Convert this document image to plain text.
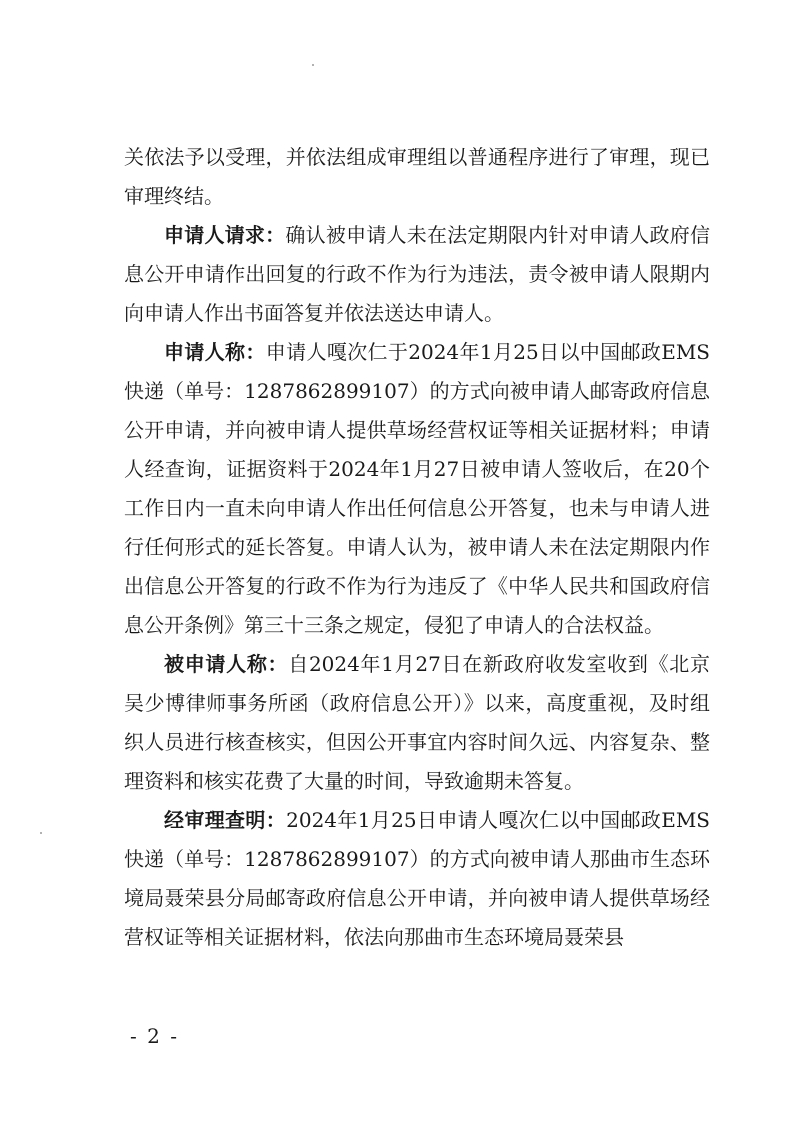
关依法予以受理，并依法组成审理组以普通程序进行了审理，现已审理终结。

申请人请求：确认被申请人未在法定期限内针对申请人政府信息公开申请作出回复的行政不作为行为违法，责令被申请人限期内向申请人作出书面答复并依法送达申请人。

申请人称：申请人嘎次仁于2024年1月25日以中国邮政EMS快递（单号：1287862899107）的方式向被申请人邮寄政府信息公开申请，并向被申请人提供草场经营权证等相关证据材料；申请人经查询，证据资料于2024年1月27日被申请人签收后，在20个工作日内一直未向申请人作出任何信息公开答复，也未与申请人进行任何形式的延长答复。申请人认为，被申请人未在法定期限内作出信息公开答复的行政不作为行为违反了《中华人民共和国政府信息公开条例》第三十三条之规定，侵犯了申请人的合法权益。

被申请人称：自2024年1月27日在新政府收发室收到《北京吴少博律师事务所函（政府信息公开）》以来，高度重视，及时组织人员进行核查核实，但因公开事宜内容时间久远、内容复杂、整理资料和核实花费了大量的时间，导致逾期未答复。

经审理查明：2024年1月25日申请人嘎次仁以中国邮政EMS快递（单号：1287862899107）的方式向被申请人那曲市生态环境局聂荣县分局邮寄政府信息公开申请，并向被申请人提供草场经营权证等相关证据材料，依法向那曲市生态环境局聂荣县

- 2 -
